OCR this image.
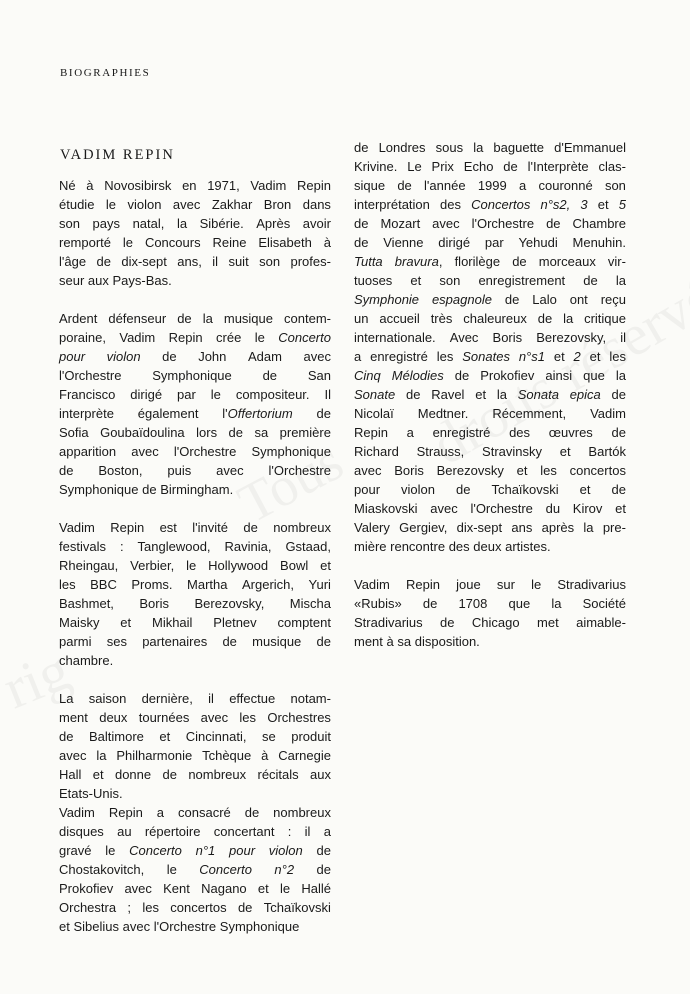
BIOGRAPHIES
VADIM REPIN
Né à Novosibirsk en 1971, Vadim Repin
étudie le violon avec Zakhar Bron dans
son pays natal, la Sibérie. Après avoir
remporté le Concours Reine Elisabeth à
l'âge de dix-sept ans, il suit son profes-
seur aux Pays-Bas.
Ardent défenseur de la musique contem-
poraine, Vadim Repin crée le Concerto
pour violon de John Adam avec
l'Orchestre Symphonique de San
Francisco dirigé par le compositeur. Il
interprète également l'Offertorium de
Sofia Goubaïdoulina lors de sa première
apparition avec l'Orchestre Symphonique
de Boston, puis avec l'Orchestre
Symphonique de Birmingham.
Vadim Repin est l'invité de nombreux
festivals : Tanglewood, Ravinia, Gstaad,
Rheingau, Verbier, le Hollywood Bowl et
les BBC Proms. Martha Argerich, Yuri
Bashmet, Boris Berezovsky, Mischa
Maisky et Mikhail Pletnev comptent
parmi ses partenaires de musique de
chambre.
La saison dernière, il effectue notam-
ment deux tournées avec les Orchestres
de Baltimore et Cincinnati, se produit
avec la Philharmonie Tchèque à Carnegie
Hall et donne de nombreux récitals aux
Etats-Unis.
Vadim Repin a consacré de nombreux
disques au répertoire concertant : il a
gravé le Concerto n°1 pour violon de
Chostakovitch, le Concerto n°2 de
Prokofiev avec Kent Nagano et le Hallé
Orchestra ; les concertos de Tchaïkovski
et Sibelius avec l'Orchestre Symphonique
de Londres sous la baguette d'Emmanuel
Krivine. Le Prix Echo de l'Interprète clas-
sique de l'année 1999 a couronné son
interprétation des Concertos n°s2, 3 et 5
de Mozart avec l'Orchestre de Chambre
de Vienne dirigé par Yehudi Menuhin.
Tutta bravura, florilège de morceaux vir-
tuoses et son enregistrement de la
Symphonie espagnole de Lalo ont reçu
un accueil très chaleureux de la critique
internationale. Avec Boris Berezovsky, il
a enregistré les Sonates n°s1 et 2 et les
Cinq Mélodies de Prokofiev ainsi que la
Sonate de Ravel et la Sonata epica de
Nicolaï Medtner. Récemment, Vadim
Repin a enregistré des œuvres de
Richard Strauss, Stravinsky et Bartók
avec Boris Berezovsky et les concertos
pour violon de Tchaïkovski et de
Miaskovski avec l'Orchestre du Kirov et
Valery Gergiev, dix-sept ans après la pre-
mière rencontre des deux artistes.
Vadim Repin joue sur le Stradivarius
«Rubis» de 1708 que la Société
Stradivarius de Chicago met aimable-
ment à sa disposition.
